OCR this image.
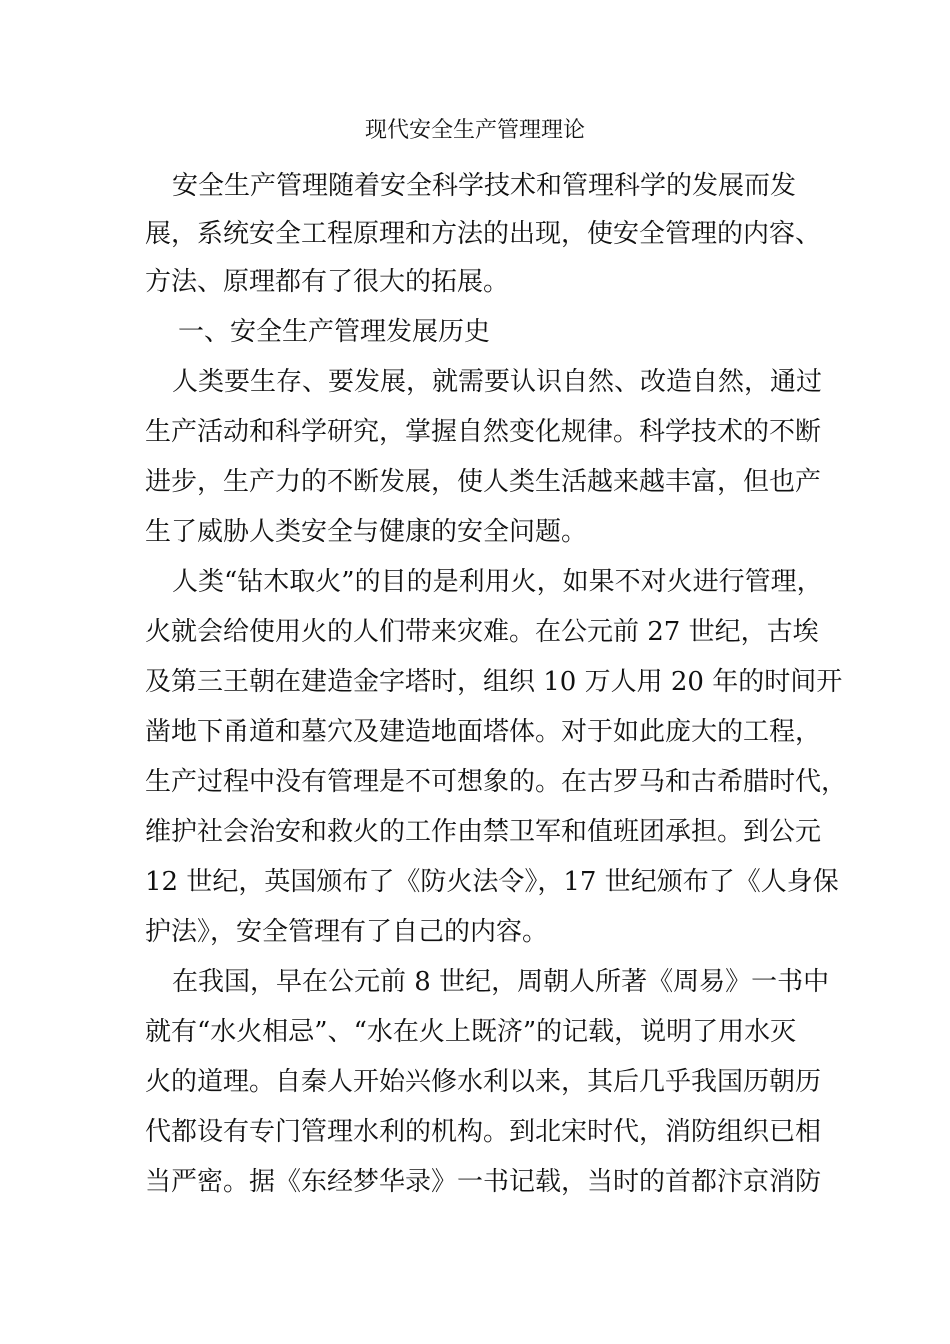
现代安全生产管理理论
安全生产管理随着安全科学技术和管理科学的发展而发
展，系统安全工程原理和方法的出现，使安全管理的内容、
方法、原理都有了很大的拓展。
一、安全生产管理发展历史
人类要生存、要发展，就需要认识自然、改造自然，通过
生产活动和科学研究，掌握自然变化规律。科学技术的不断
进步，生产力的不断发展，使人类生活越来越丰富，但也产
生了威胁人类安全与健康的安全问题。
人类“钻木取火”的目的是利用火，如果不对火进行管理，
火就会给使用火的人们带来灾难。在公元前 27 世纪，古埃
及第三王朝在建造金字塔时，组织 10 万人用 20 年的时间开
凿地下甬道和墓穴及建造地面塔体。对于如此庞大的工程，
生产过程中没有管理是不可想象的。在古罗马和古希腊时代，
维护社会治安和救火的工作由禁卫军和值班团承担。到公元
12 世纪，英国颁布了《防火法令》，17 世纪颁布了《人身保
护法》，安全管理有了自己的内容。
在我国，早在公元前 8 世纪，周朝人所著《周易》一书中
就有“水火相忌”、“水在火上既济”的记载，说明了用水灭
火的道理。自秦人开始兴修水利以来，其后几乎我国历朝历
代都设有专门管理水利的机构。到北宋时代，消防组织已相
当严密。据《东经梦华录》一书记载，当时的首都汴京消防
